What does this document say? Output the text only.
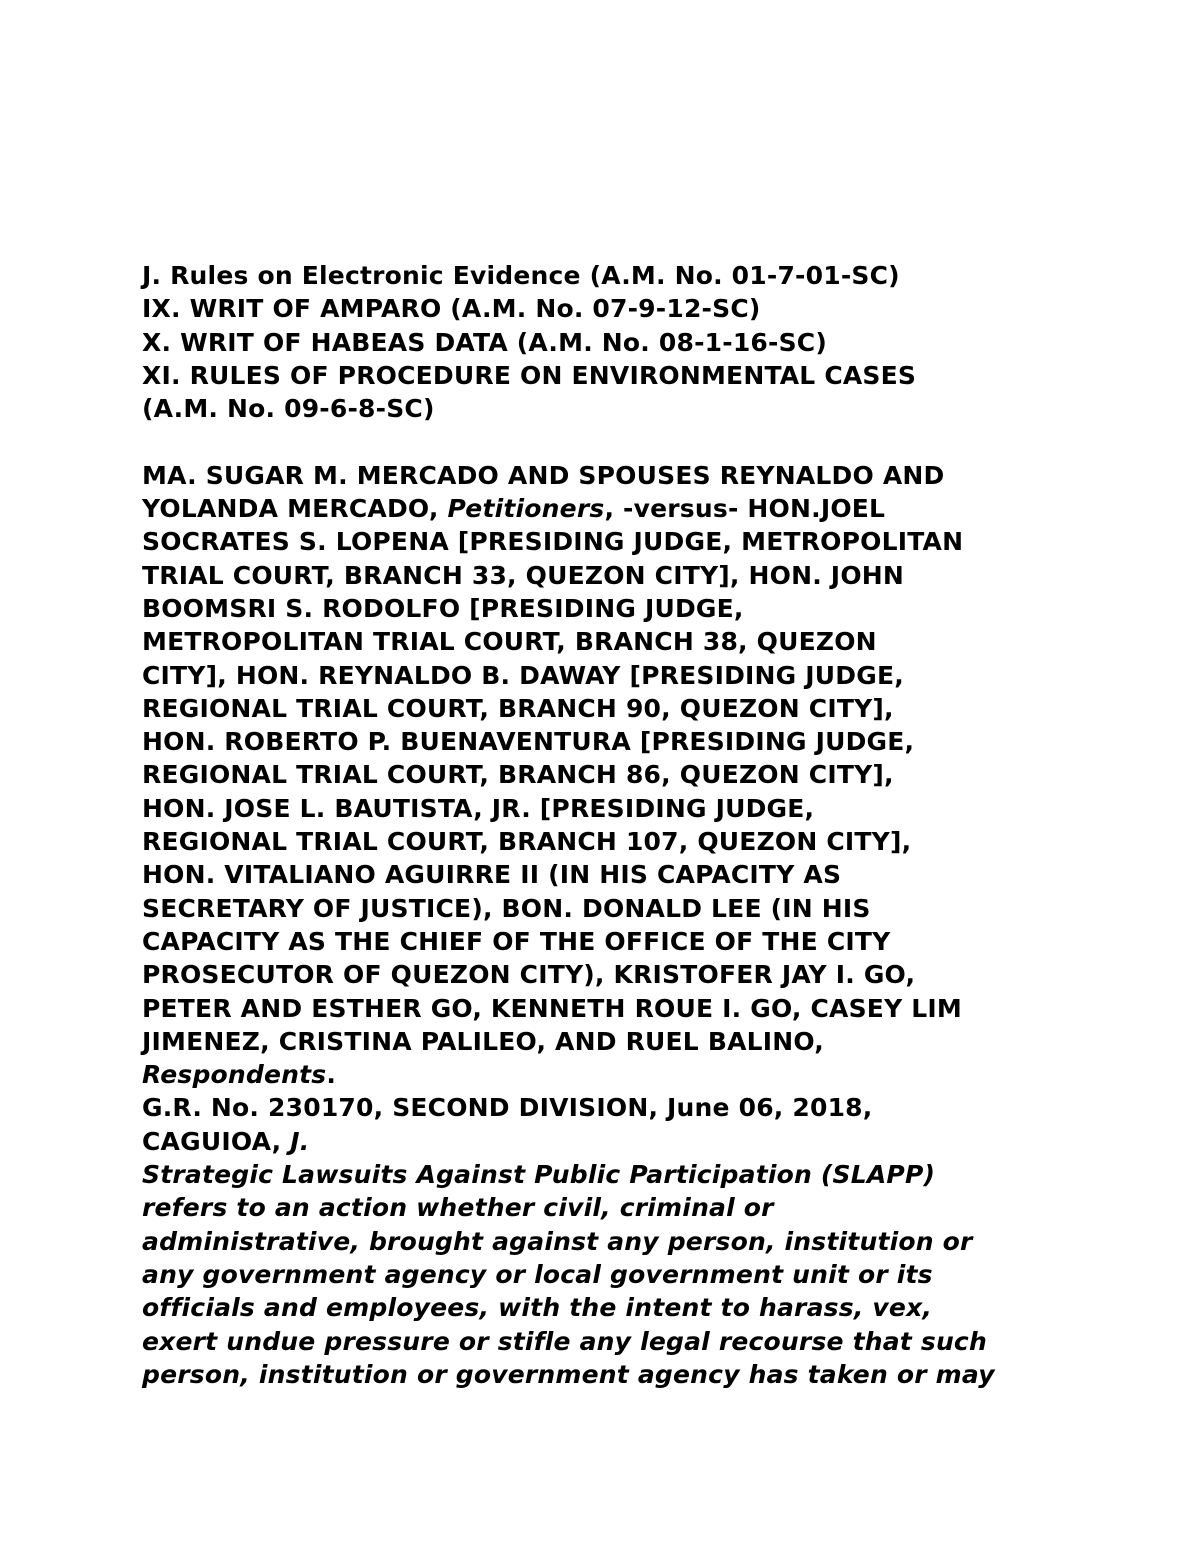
J. Rules on Electronic Evidence (A.M. No. 01-7-01-SC)
IX. WRIT OF AMPARO (A.M. No. 07-9-12-SC)
X. WRIT OF HABEAS DATA (A.M. No. 08-1-16-SC)
XI. RULES OF PROCEDURE ON ENVIRONMENTAL CASES
(A.M. No. 09-6-8-SC)
MA. SUGAR M. MERCADO AND SPOUSES REYNALDO AND
YOLANDA MERCADO, Petitioners, -versus- HON.JOEL
SOCRATES S. LOPENA [PRESIDING JUDGE, METROPOLITAN
TRIAL COURT, BRANCH 33, QUEZON CITY], HON. JOHN
BOOMSRI S. RODOLFO [PRESIDING JUDGE,
METROPOLITAN TRIAL COURT, BRANCH 38, QUEZON
CITY], HON. REYNALDO B. DAWAY [PRESIDING JUDGE,
REGIONAL TRIAL COURT, BRANCH 90, QUEZON CITY],
HON. ROBERTO P. BUENAVENTURA [PRESIDING JUDGE,
REGIONAL TRIAL COURT, BRANCH 86, QUEZON CITY],
HON. JOSE L. BAUTISTA, JR. [PRESIDING JUDGE,
REGIONAL TRIAL COURT, BRANCH 107, QUEZON CITY],
HON. VITALIANO AGUIRRE II (IN HIS CAPACITY AS
SECRETARY OF JUSTICE), BON. DONALD LEE (IN HIS
CAPACITY AS THE CHIEF OF THE OFFICE OF THE CITY
PROSECUTOR OF QUEZON CITY), KRISTOFER JAY I. GO,
PETER AND ESTHER GO, KENNETH ROUE I. GO, CASEY LIM
JIMENEZ, CRISTINA PALILEO, AND RUEL BALINO,
Respondents.
G.R. No. 230170, SECOND DIVISION, June 06, 2018,
CAGUIOA, J.
Strategic Lawsuits Against Public Participation (SLAPP)
refers to an action whether civil, criminal or
administrative, brought against any person, institution or
any government agency or local government unit or its
officials and employees, with the intent to harass, vex,
exert undue pressure or stifle any legal recourse that such
person, institution or government agency has taken or may
